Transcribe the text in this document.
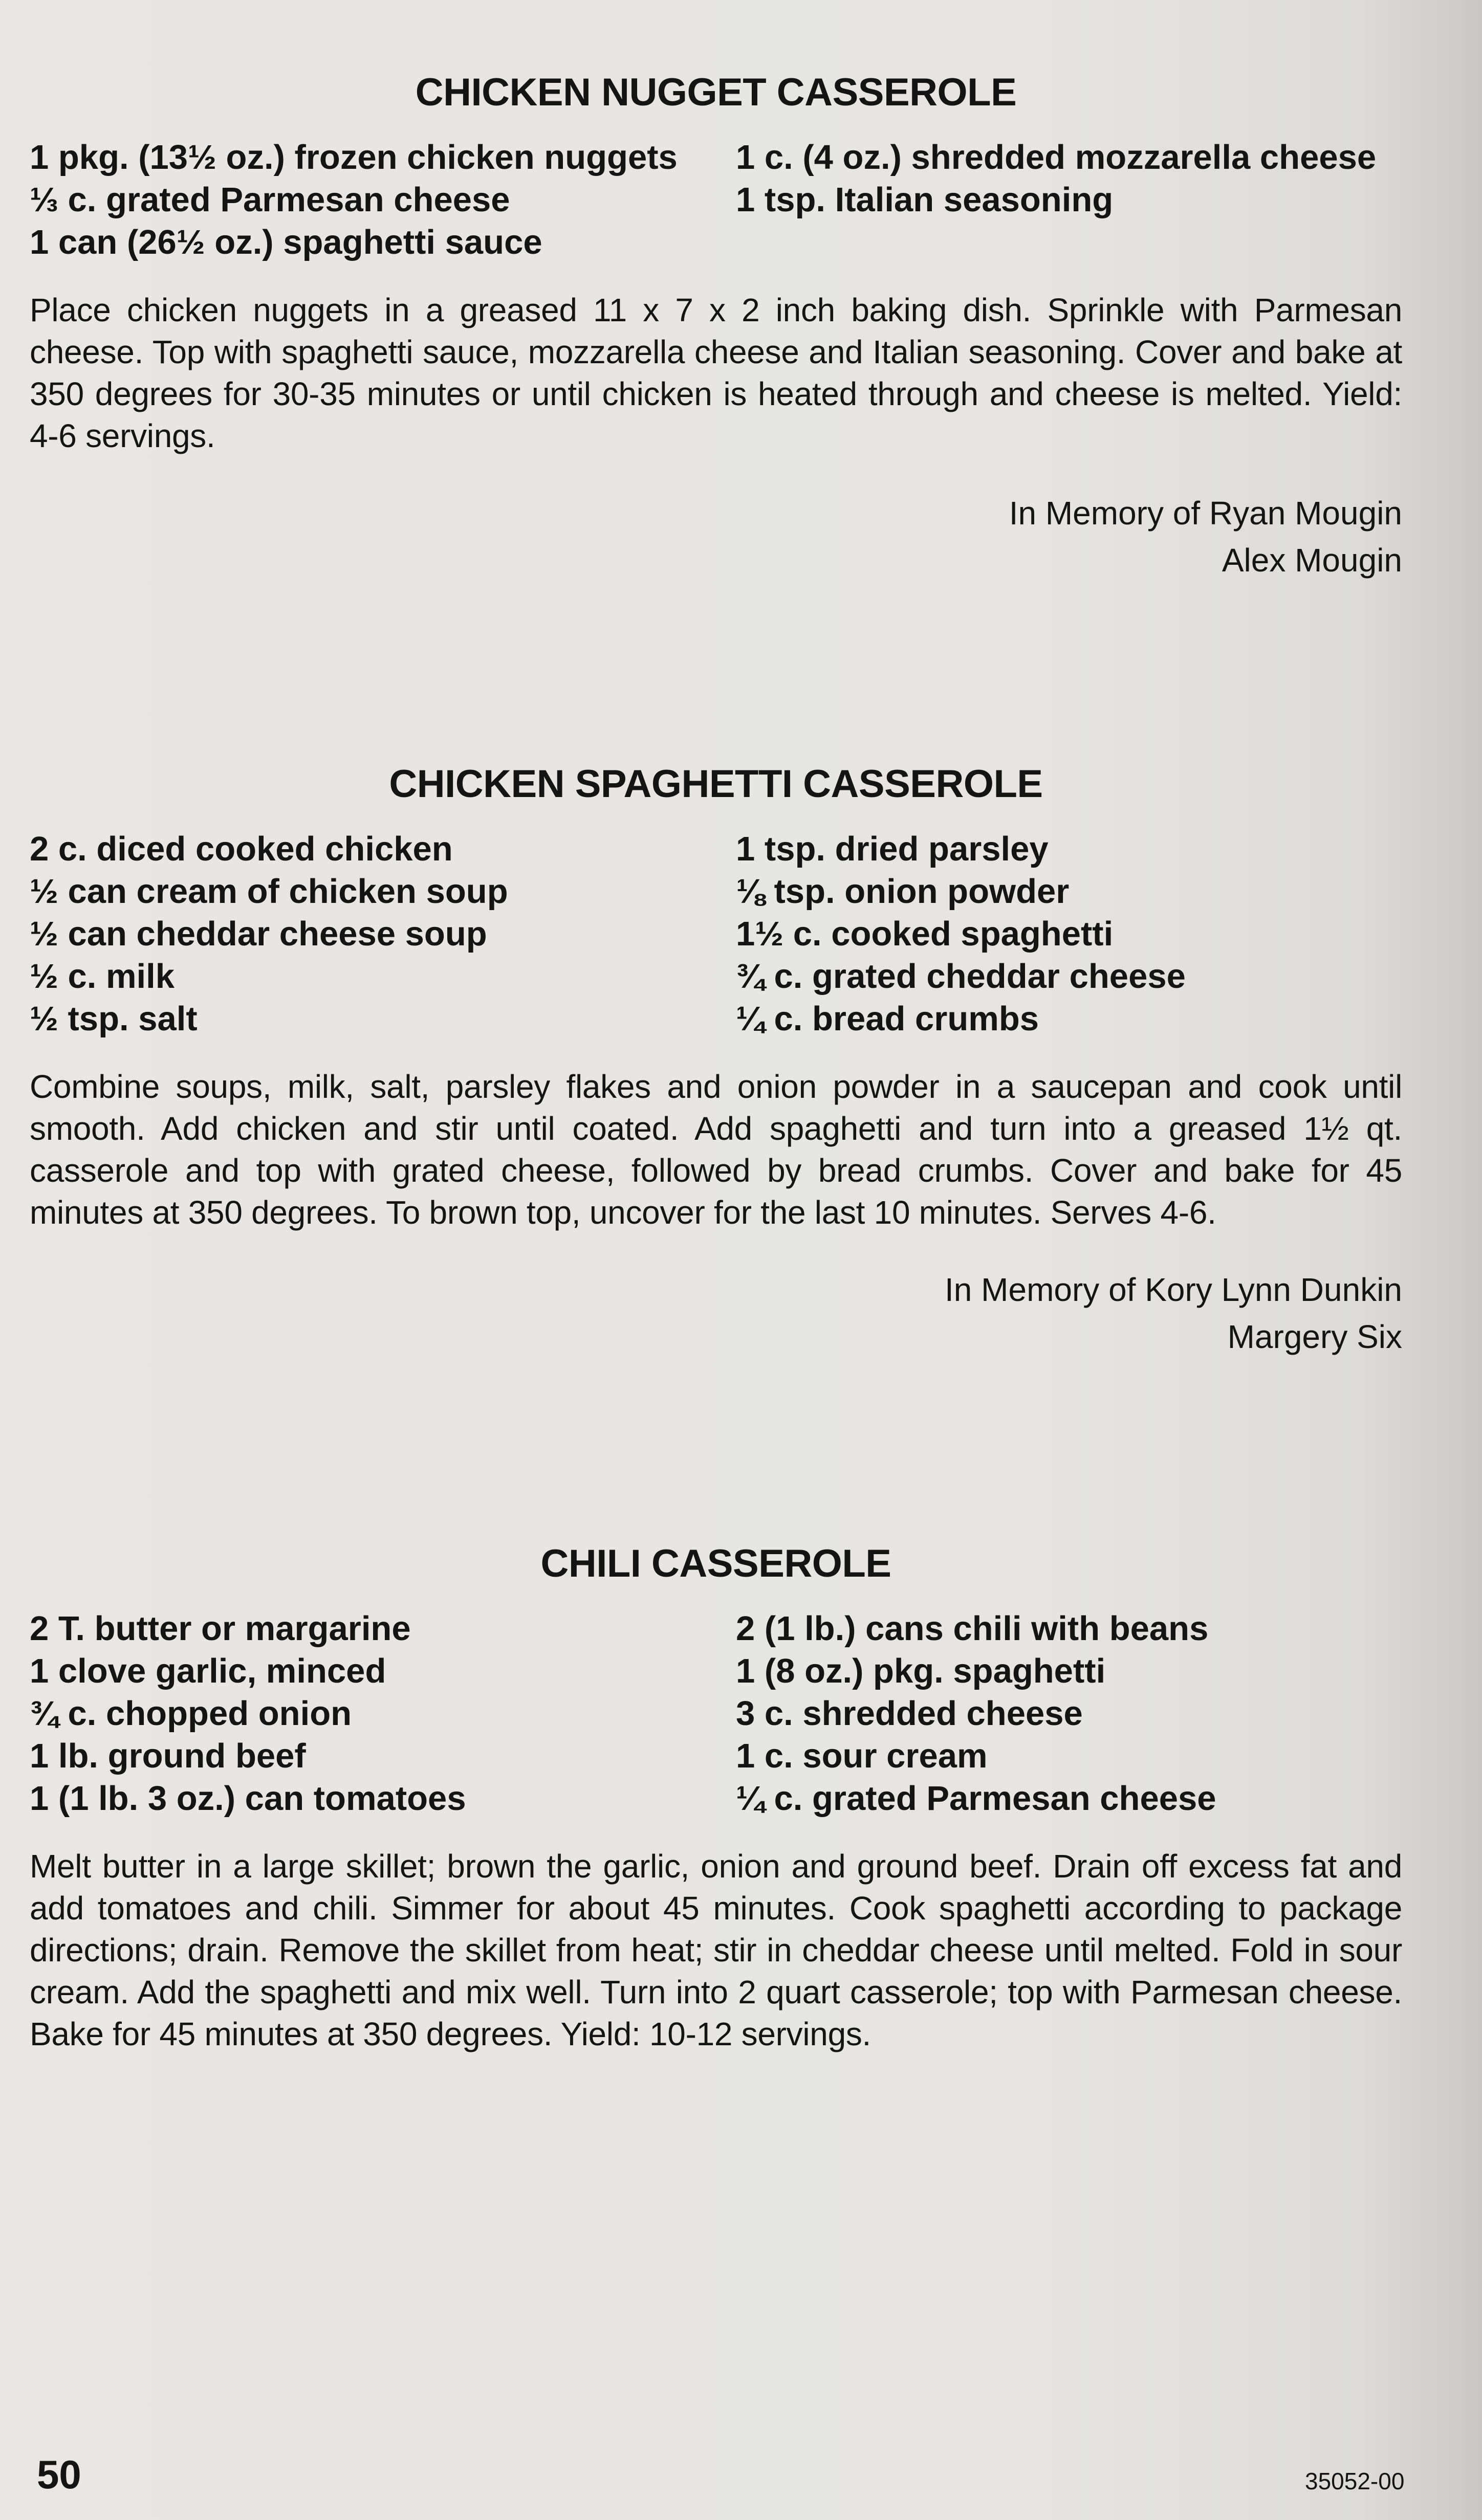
CHICKEN NUGGET CASSEROLE
1 pkg. (13½ oz.) frozen chicken nuggets
⅓ c. grated Parmesan cheese
1 can (26½ oz.) spaghetti sauce
1 c. (4 oz.) shredded mozzarella cheese
1 tsp. Italian seasoning

Place chicken nuggets in a greased 11 x 7 x 2 inch baking dish. Sprinkle with Parmesan cheese. Top with spaghetti sauce, mozzarella cheese and Italian seasoning. Cover and bake at 350 degrees for 30-35 minutes or until chicken is heated through and cheese is melted. Yield: 4-6 servings.

In Memory of Ryan Mougin
Alex Mougin
CHICKEN SPAGHETTI CASSEROLE
2 c. diced cooked chicken
½ can cream of chicken soup
½ can cheddar cheese soup
½ c. milk
½ tsp. salt
1 tsp. dried parsley
⅛ tsp. onion powder
1½ c. cooked spaghetti
¾ c. grated cheddar cheese
¼ c. bread crumbs

Combine soups, milk, salt, parsley flakes and onion powder in a saucepan and cook until smooth. Add chicken and stir until coated. Add spaghetti and turn into a greased 1½ qt. casserole and top with grated cheese, followed by bread crumbs. Cover and bake for 45 minutes at 350 degrees. To brown top, uncover for the last 10 minutes. Serves 4-6.

In Memory of Kory Lynn Dunkin
Margery Six
CHILI CASSEROLE
2 T. butter or margarine
1 clove garlic, minced
¾ c. chopped onion
1 lb. ground beef
1 (1 lb. 3 oz.) can tomatoes
2 (1 lb.) cans chili with beans
1 (8 oz.) pkg. spaghetti
3 c. shredded cheese
1 c. sour cream
¼ c. grated Parmesan cheese

Melt butter in a large skillet; brown the garlic, onion and ground beef. Drain off excess fat and add tomatoes and chili. Simmer for about 45 minutes. Cook spaghetti according to package directions; drain. Remove the skillet from heat; stir in cheddar cheese until melted. Fold in sour cream. Add the spaghetti and mix well. Turn into 2 quart casserole; top with Parmesan cheese. Bake for 45 minutes at 350 degrees. Yield: 10-12 servings.

50	35052-00
